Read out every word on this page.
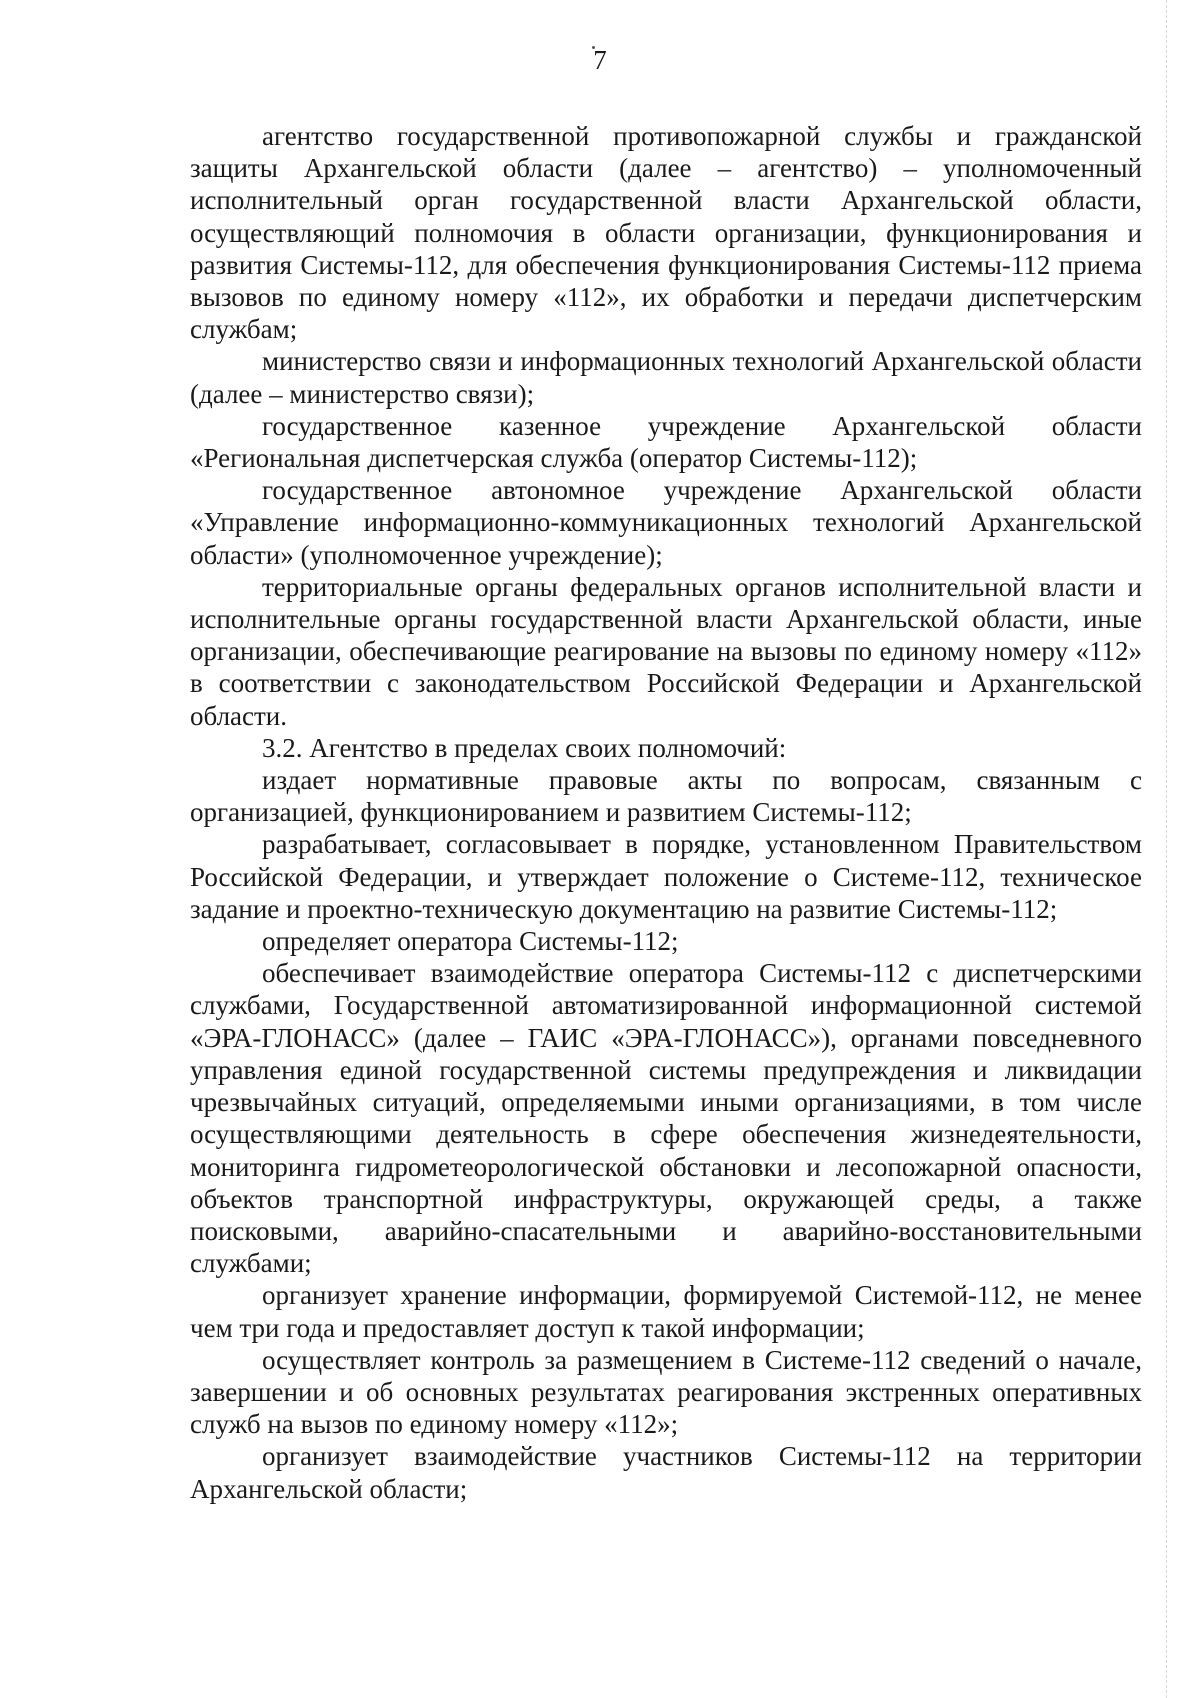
7

агентство государственной противопожарной службы и гражданской защиты Архангельской области (далее – агентство) – уполномоченный исполнительный орган государственной власти Архангельской области, осуществляющий полномочия в области организации, функционирования и развития Системы-112, для обеспечения функционирования Системы-112 приема вызовов по единому номеру «112», их обработки и передачи диспетчерским службам;

министерство связи и информационных технологий Архангельской области (далее – министерство связи);

государственное казенное учреждение Архангельской области «Региональная диспетчерская служба (оператор Системы-112);

государственное автономное учреждение Архангельской области «Управление информационно-коммуникационных технологий Архангельской области» (уполномоченное учреждение);

территориальные органы федеральных органов исполнительной власти и исполнительные органы государственной власти Архангельской области, иные организации, обеспечивающие реагирование на вызовы по единому номеру «112» в соответствии с законодательством Российской Федерации и Архангельской области.

3.2. Агентство в пределах своих полномочий:

издает нормативные правовые акты по вопросам, связанным с организацией, функционированием и развитием Системы-112;

разрабатывает, согласовывает в порядке, установленном Правительством Российской Федерации, и утверждает положение о Системе-112, техническое задание и проектно-техническую документацию на развитие Системы-112;

определяет оператора Системы-112;

обеспечивает взаимодействие оператора Системы-112 с диспетчерскими службами, Государственной автоматизированной информационной системой «ЭРА-ГЛОНАСС» (далее – ГАИС «ЭРА-ГЛОНАСС»), органами повседневного управления единой государственной системы предупреждения и ликвидации чрезвычайных ситуаций, определяемыми иными организациями, в том числе осуществляющими деятельность в сфере обеспечения жизнедеятельности, мониторинга гидрометеорологической обстановки и лесопожарной опасности, объектов транспортной инфраструктуры, окружающей среды, а также поисковыми, аварийно-спасательными и аварийно-восстановительными службами;

организует хранение информации, формируемой Системой-112, не менее чем три года и предоставляет доступ к такой информации;

осуществляет контроль за размещением в Системе-112 сведений о начале, завершении и об основных результатах реагирования экстренных оперативных служб на вызов по единому номеру «112»;

организует взаимодействие участников Системы-112 на территории Архангельской области;
